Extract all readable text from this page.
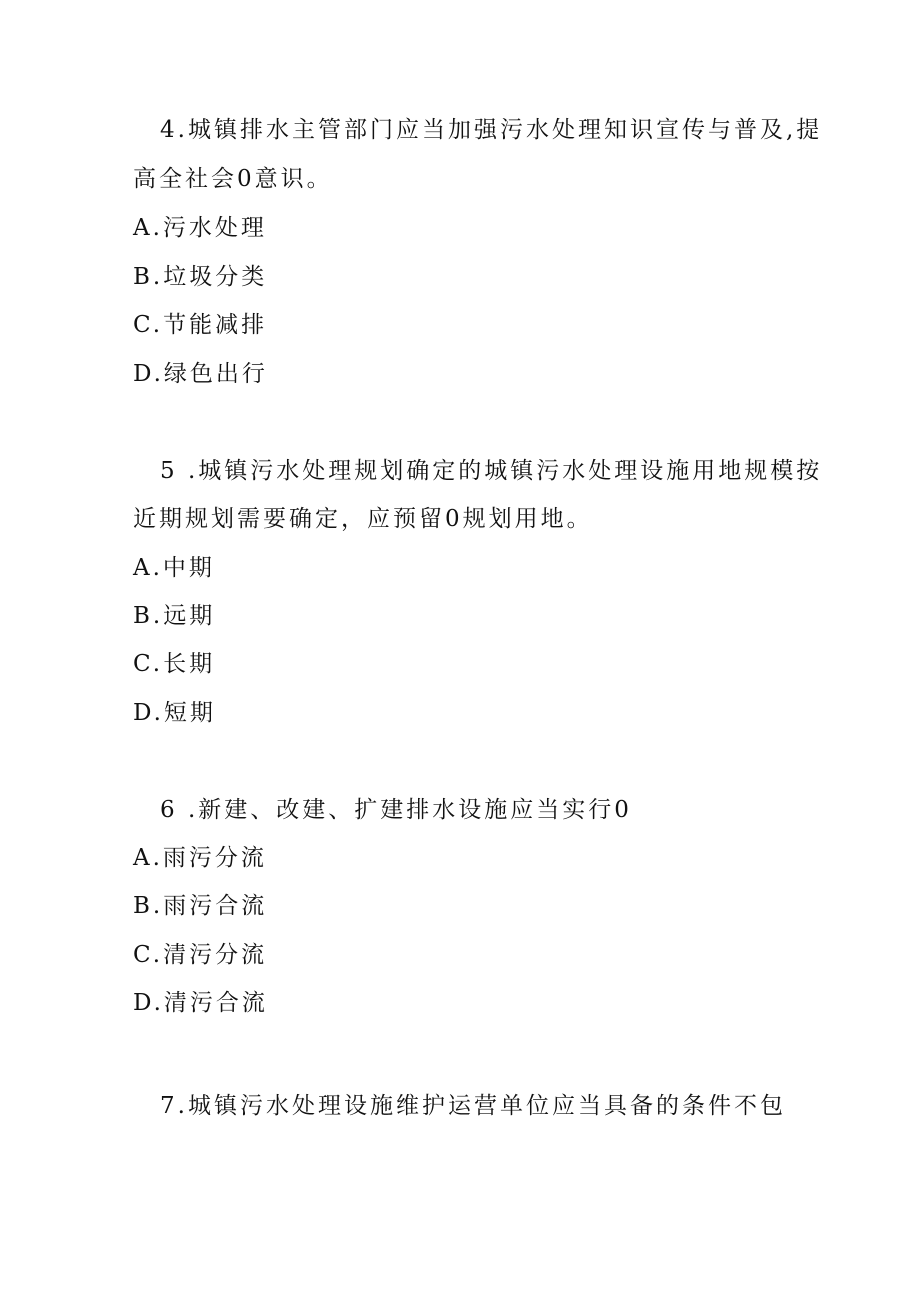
4.城镇排水主管部门应当加强污水处理知识宣传与普及,提

高全社会0意识。

A.污水处理

B.垃圾分类

C.节能减排

D.绿色出行

5 .城镇污水处理规划确定的城镇污水处理设施用地规模按

近期规划需要确定，应预留0规划用地。

A.中期

B.远期

C.长期

D.短期

6 .新建、改建、扩建排水设施应当实行0

A.雨污分流

B.雨污合流

C.清污分流

D.清污合流

7.城镇污水处理设施维护运营单位应当具备的条件不包
